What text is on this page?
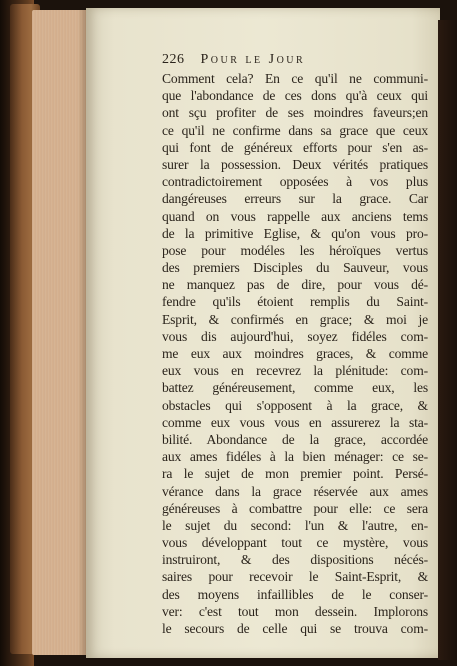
226 Pour le Jour
Comment cela? En ce qu'il ne communi-
que l'abondance de ces dons qu'à ceux qui
ont sçu profiter de ses moindres faveurs;en
ce qu'il ne confirme dans sa grace que ceux
qui font de généreux efforts pour s'en as-
surer la possession. Deux vérités pratiques
contradictoirement opposées à vos plus
dangéreuses erreurs sur la grace. Car
quand on vous rappelle aux anciens tems
de la primitive Eglise, & qu'on vous pro-
pose pour modéles les héroïques vertus
des premiers Disciples du Sauveur, vous
ne manquez pas de dire, pour vous dé-
fendre qu'ils étoient remplis du Saint-
Esprit, & confirmés en grace; & moi je
vous dis aujourd'hui, soyez fidéles com-
me eux aux moindres graces, & comme
eux vous en recevrez la plénitude: com-
battez généreusement, comme eux, les
obstacles qui s'opposent à la grace, &
comme eux vous vous en assurerez la sta-
bilité. Abondance de la grace, accordée
aux ames fidéles à la bien ménager: ce se-
ra le sujet de mon premier point. Persé-
vérance dans la grace réservée aux ames
généreuses à combattre pour elle: ce sera
le sujet du second: l'un & l'autre, en-
vous développant tout ce mystère, vous
instruiront, & des dispositions nécés-
saires pour recevoir le Saint-Esprit, &
des moyens infaillibles de le conser-
ver: c'est tout mon dessein. Implorons
le secours de celle qui se trouva com-
